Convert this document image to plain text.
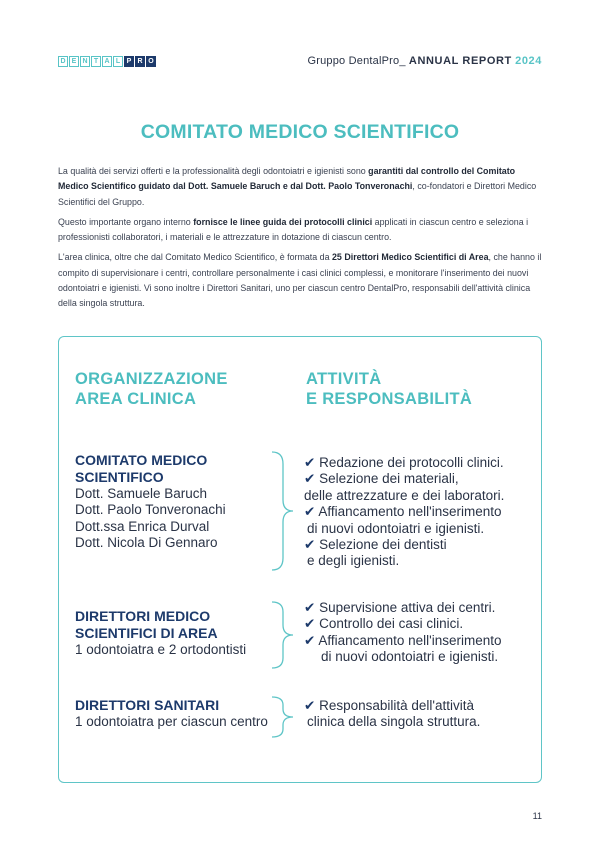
D E N T A L P R O	Gruppo DentalPro_ ANNUAL REPORT 2024
COMITATO MEDICO SCIENTIFICO

La qualità dei servizi offerti e la professionalità degli odontoiatri e igienisti sono garantiti dal controllo del Comitato Medico Scientifico guidato dal Dott. Samuele Baruch e dal Dott. Paolo Tonveronachi, co-fondatori e Direttori Medico Scientifici del Gruppo.

Questo importante organo interno fornisce le linee guida dei protocolli clinici applicati in ciascun centro e seleziona i professionisti collaboratori, i materiali e le attrezzature in dotazione di ciascun centro.

L'area clinica, oltre che dal Comitato Medico Scientifico, è formata da 25 Direttori Medico Scientifici di Area, che hanno il compito di supervisionare i centri, controllare personalmente i casi clinici complessi, e monitorare l'inserimento dei nuovi odontoiatri e igienisti. Vi sono inoltre i Direttori Sanitari, uno per ciascun centro DentalPro, responsabili dell'attività clinica della singola struttura.

ORGANIZZAZIONE
AREA CLINICA
ATTIVITÀ
E RESPONSABILITÀ
COMITATO MEDICO
SCIENTIFICO
Dott. Samuele Baruch
Dott. Paolo Tonveronachi
Dott.ssa Enrica Durval
Dott. Nicola Di Gennaro
✔ Redazione dei protocolli clinici.
✔ Selezione dei materiali,
delle attrezzature e dei laboratori.
✔ Affiancamento nell'inserimento
di nuovi odontoiatri e igienisti.
✔ Selezione dei dentisti
e degli igienisti.
DIRETTORI MEDICO
SCIENTIFICI DI AREA
1 odontoiatra e 2 ortodontisti
✔ Supervisione attiva dei centri.
✔ Controllo dei casi clinici.
✔ Affiancamento nell'inserimento
di nuovi odontoiatri e igienisti.
DIRETTORI SANITARI
1 odontoiatra per ciascun centro
✔ Responsabilità dell'attività
clinica della singola struttura.
11
